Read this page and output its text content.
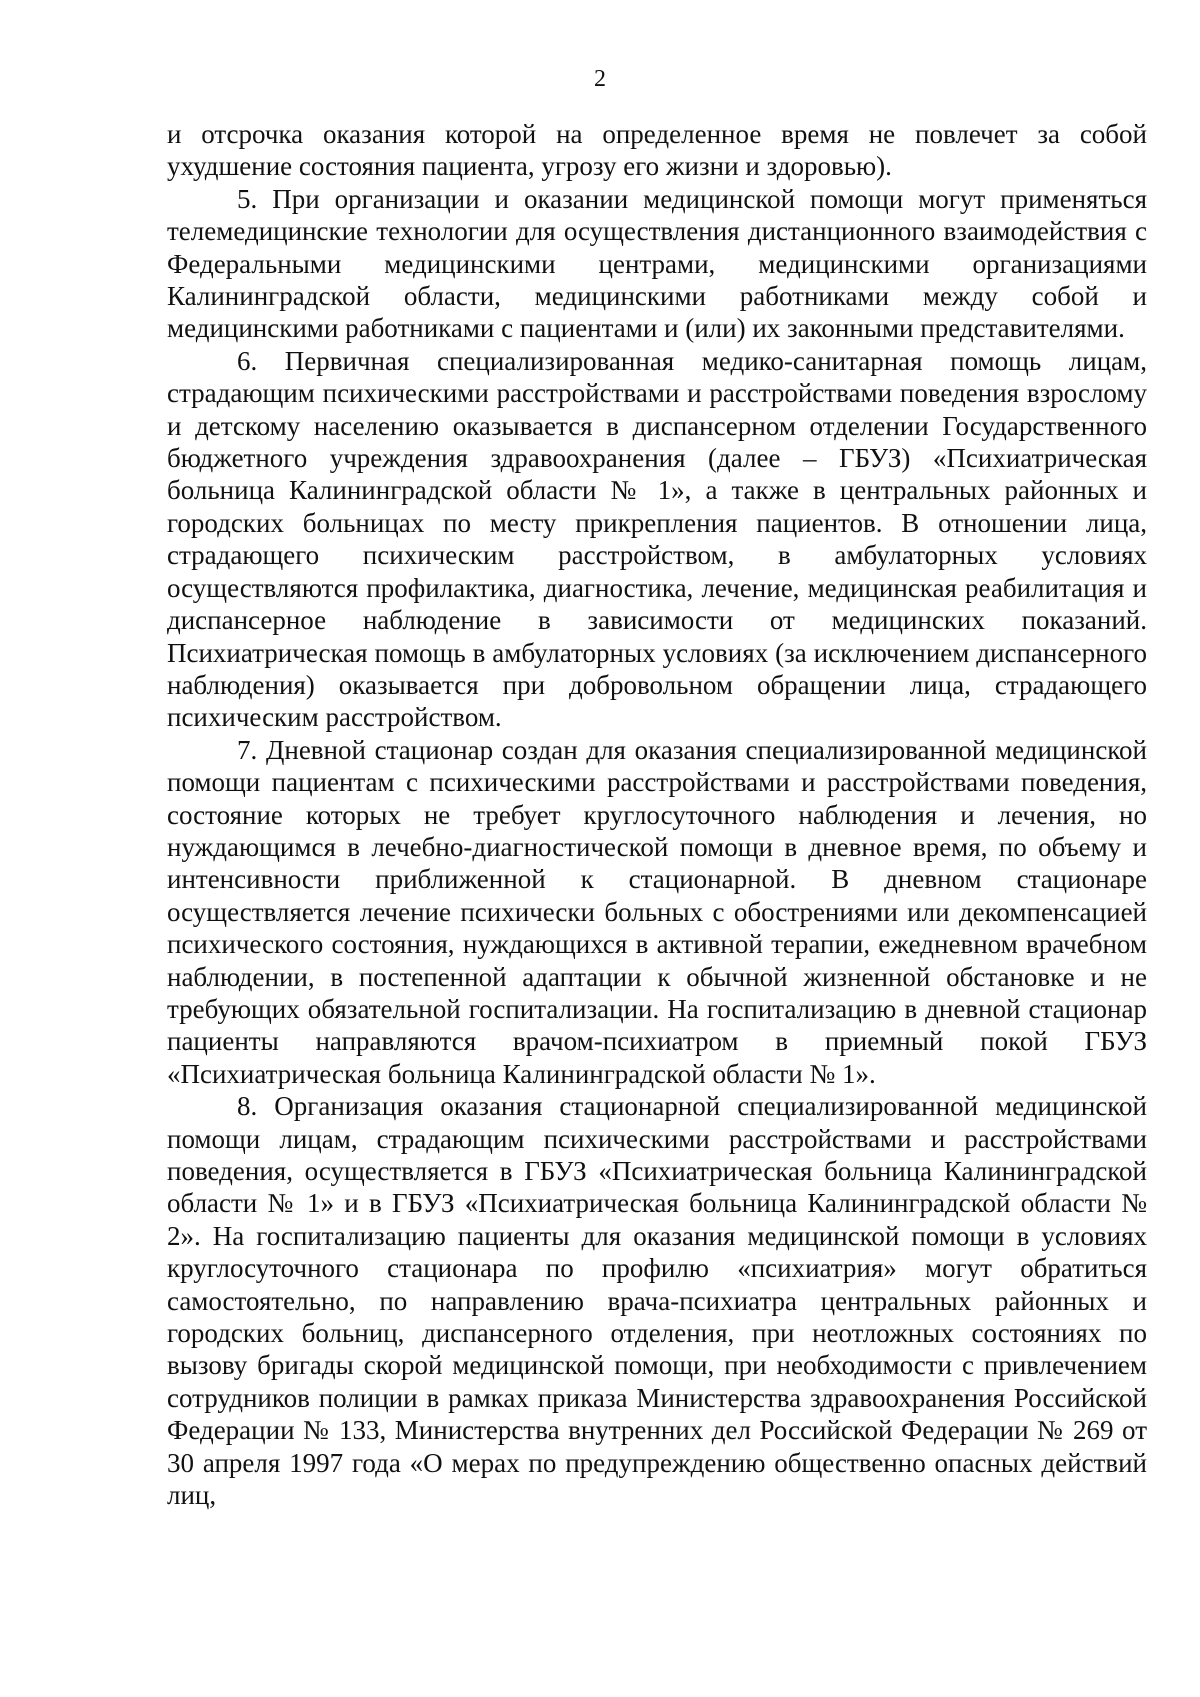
2

и отсрочка оказания которой на определенное время не повлечет за собой ухудшение состояния пациента, угрозу его жизни и здоровью).

5. При организации и оказании медицинской помощи могут применяться телемедицинские технологии для осуществления дистанционного взаимодействия с Федеральными медицинскими центрами, медицинскими организациями Калининградской области, медицинскими работниками между собой и медицинскими работниками с пациентами и (или) их законными представителями.

6. Первичная специализированная медико-санитарная помощь лицам, страдающим психическими расстройствами и расстройствами поведения взрослому и детскому населению оказывается в диспансерном отделении Государственного бюджетного учреждения здравоохранения (далее – ГБУЗ) «Психиатрическая больница Калининградской области № 1», а также в центральных районных и городских больницах по месту прикрепления пациентов. В отношении лица, страдающего психическим расстройством, в амбулаторных условиях осуществляются профилактика, диагностика, лечение, медицинская реабилитация и диспансерное наблюдение в зависимости от медицинских показаний. Психиатрическая помощь в амбулаторных условиях (за исключением диспансерного наблюдения) оказывается при добровольном обращении лица, страдающего психическим расстройством.

7. Дневной стационар создан для оказания специализированной медицинской помощи пациентам с психическими расстройствами и расстройствами поведения, состояние которых не требует круглосуточного наблюдения и лечения, но нуждающимся в лечебно-диагностической помощи в дневное время, по объему и интенсивности приближенной к стационарной. В дневном стационаре осуществляется лечение психически больных с обострениями или декомпенсацией психического состояния, нуждающихся в активной терапии, ежедневном врачебном наблюдении, в постепенной адаптации к обычной жизненной обстановке и не требующих обязательной госпитализации. На госпитализацию в дневной стационар пациенты направляются врачом-психиатром в приемный покой ГБУЗ «Психиатрическая больница Калининградской области № 1».

8. Организация оказания стационарной специализированной медицинской помощи лицам, страдающим психическими расстройствами и расстройствами поведения, осуществляется в ГБУЗ «Психиатрическая больница Калининградской области № 1» и в ГБУЗ «Психиатрическая больница Калининградской области № 2». На госпитализацию пациенты для оказания медицинской помощи в условиях круглосуточного стационара по профилю «психиатрия» могут обратиться самостоятельно, по направлению врача-психиатра центральных районных и городских больниц, диспансерного отделения, при неотложных состояниях по вызову бригады скорой медицинской помощи, при необходимости с привлечением сотрудников полиции в рамках приказа Министерства здравоохранения Российской Федерации № 133, Министерства внутренних дел Российской Федерации № 269 от 30 апреля 1997 года «О мерах по предупреждению общественно опасных действий лиц,
